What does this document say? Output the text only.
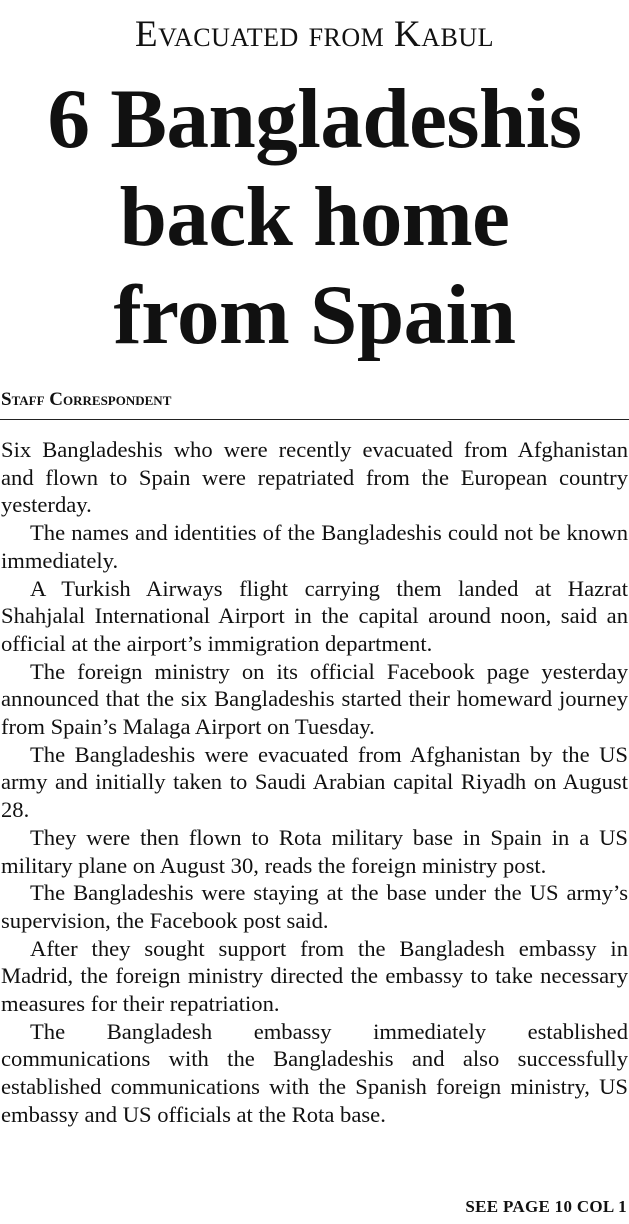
Evacuated from Kabul
6 Bangladeshis
back home
from Spain
Staff Correspondent

Six Bangladeshis who were recently evacuated from Afghanistan and flown to Spain were repatriated from the European country yesterday.

The names and identities of the Bangladeshis could not be known immediately.

A Turkish Airways flight carrying them landed at Hazrat Shahjalal International Airport in the capital around noon, said an official at the airport’s immigration department.

The foreign ministry on its official Facebook page yesterday announced that the six Bangladeshis started their homeward journey from Spain’s Malaga Airport on Tuesday.

The Bangladeshis were evacuated from Afghanistan by the US army and initially taken to Saudi Arabian capital Riyadh on August 28.

They were then flown to Rota military base in Spain in a US military plane on August 30, reads the foreign ministry post.

The Bangladeshis were staying at the base under the US army’s supervision, the Facebook post said.

After they sought support from the Bangladesh embassy in Madrid, the foreign ministry directed the embassy to take necessary measures for their repatriation.

The Bangladesh embassy immediately established communications with the Bangladeshis and also successfully established communications with the Spanish foreign ministry, US embassy and US officials at the Rota base.

SEE PAGE 10 COL 1
